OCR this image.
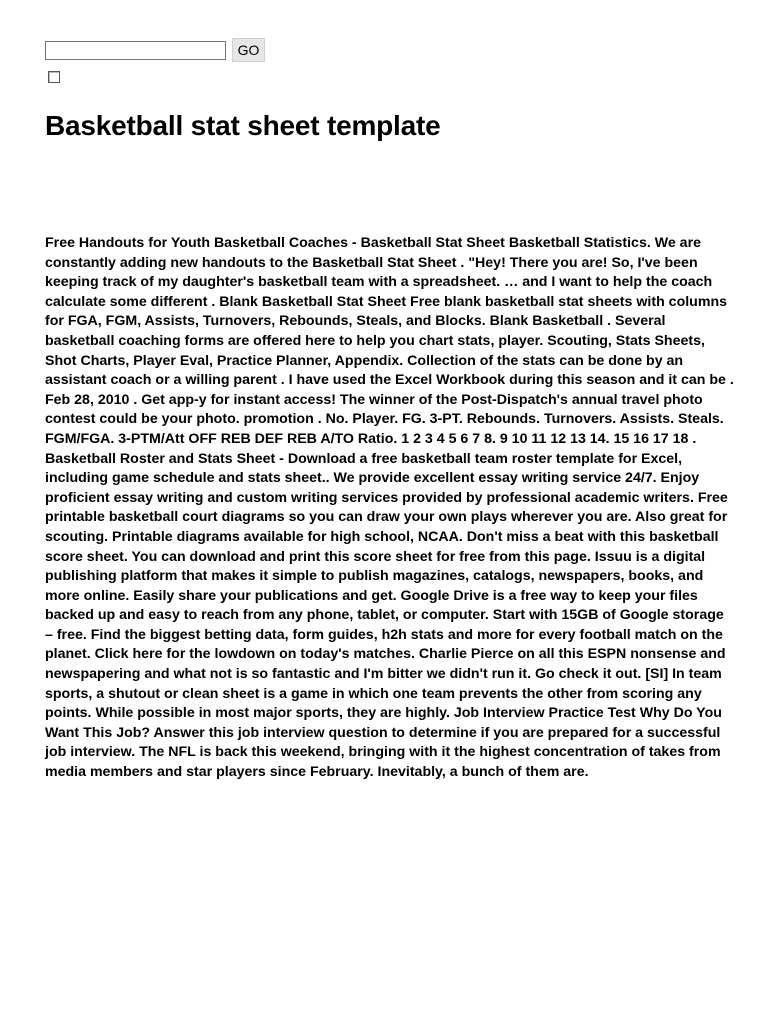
GO
Basketball stat sheet template

Free Handouts for Youth Basketball Coaches - Basketball Stat Sheet Basketball Statistics. We are constantly adding new handouts to the Basketball Stat Sheet . "Hey! There you are! So, I've been keeping track of my daughter's basketball team with a spreadsheet. … and I want to help the coach calculate some different . Blank Basketball Stat Sheet Free blank basketball stat sheets with columns for FGA, FGM, Assists, Turnovers, Rebounds, Steals, and Blocks. Blank Basketball . Several basketball coaching forms are offered here to help you chart stats, player. Scouting, Stats Sheets, Shot Charts, Player Eval, Practice Planner, Appendix. Collection of the stats can be done by an assistant coach or a willing parent . I have used the Excel Workbook during this season and it can be . Feb 28, 2010 . Get app-y for instant access! The winner of the Post-Dispatch's annual travel photo contest could be your photo. promotion . No. Player. FG. 3-PT. Rebounds. Turnovers. Assists. Steals. FGM/FGA. 3-PTM/Att OFF REB DEF REB A/TO Ratio. 1 2 3 4 5 6 7 8. 9 10 11 12 13 14. 15 16 17 18 . Basketball Roster and Stats Sheet - Download a free basketball team roster template for Excel, including game schedule and stats sheet.. We provide excellent essay writing service 24/7. Enjoy proficient essay writing and custom writing services provided by professional academic writers. Free printable basketball court diagrams so you can draw your own plays wherever you are. Also great for scouting. Printable diagrams available for high school, NCAA. Don't miss a beat with this basketball score sheet. You can download and print this score sheet for free from this page. Issuu is a digital publishing platform that makes it simple to publish magazines, catalogs, newspapers, books, and more online. Easily share your publications and get. Google Drive is a free way to keep your files backed up and easy to reach from any phone, tablet, or computer. Start with 15GB of Google storage – free. Find the biggest betting data, form guides, h2h stats and more for every football match on the planet. Click here for the lowdown on today's matches. Charlie Pierce on all this ESPN nonsense and newspapering and what not is so fantastic and I'm bitter we didn't run it. Go check it out. [SI] In team sports, a shutout or clean sheet is a game in which one team prevents the other from scoring any points. While possible in most major sports, they are highly. Job Interview Practice Test Why Do You Want This Job? Answer this job interview question to determine if you are prepared for a successful job interview. The NFL is back this weekend, bringing with it the highest concentration of takes from media members and star players since February. Inevitably, a bunch of them are.
